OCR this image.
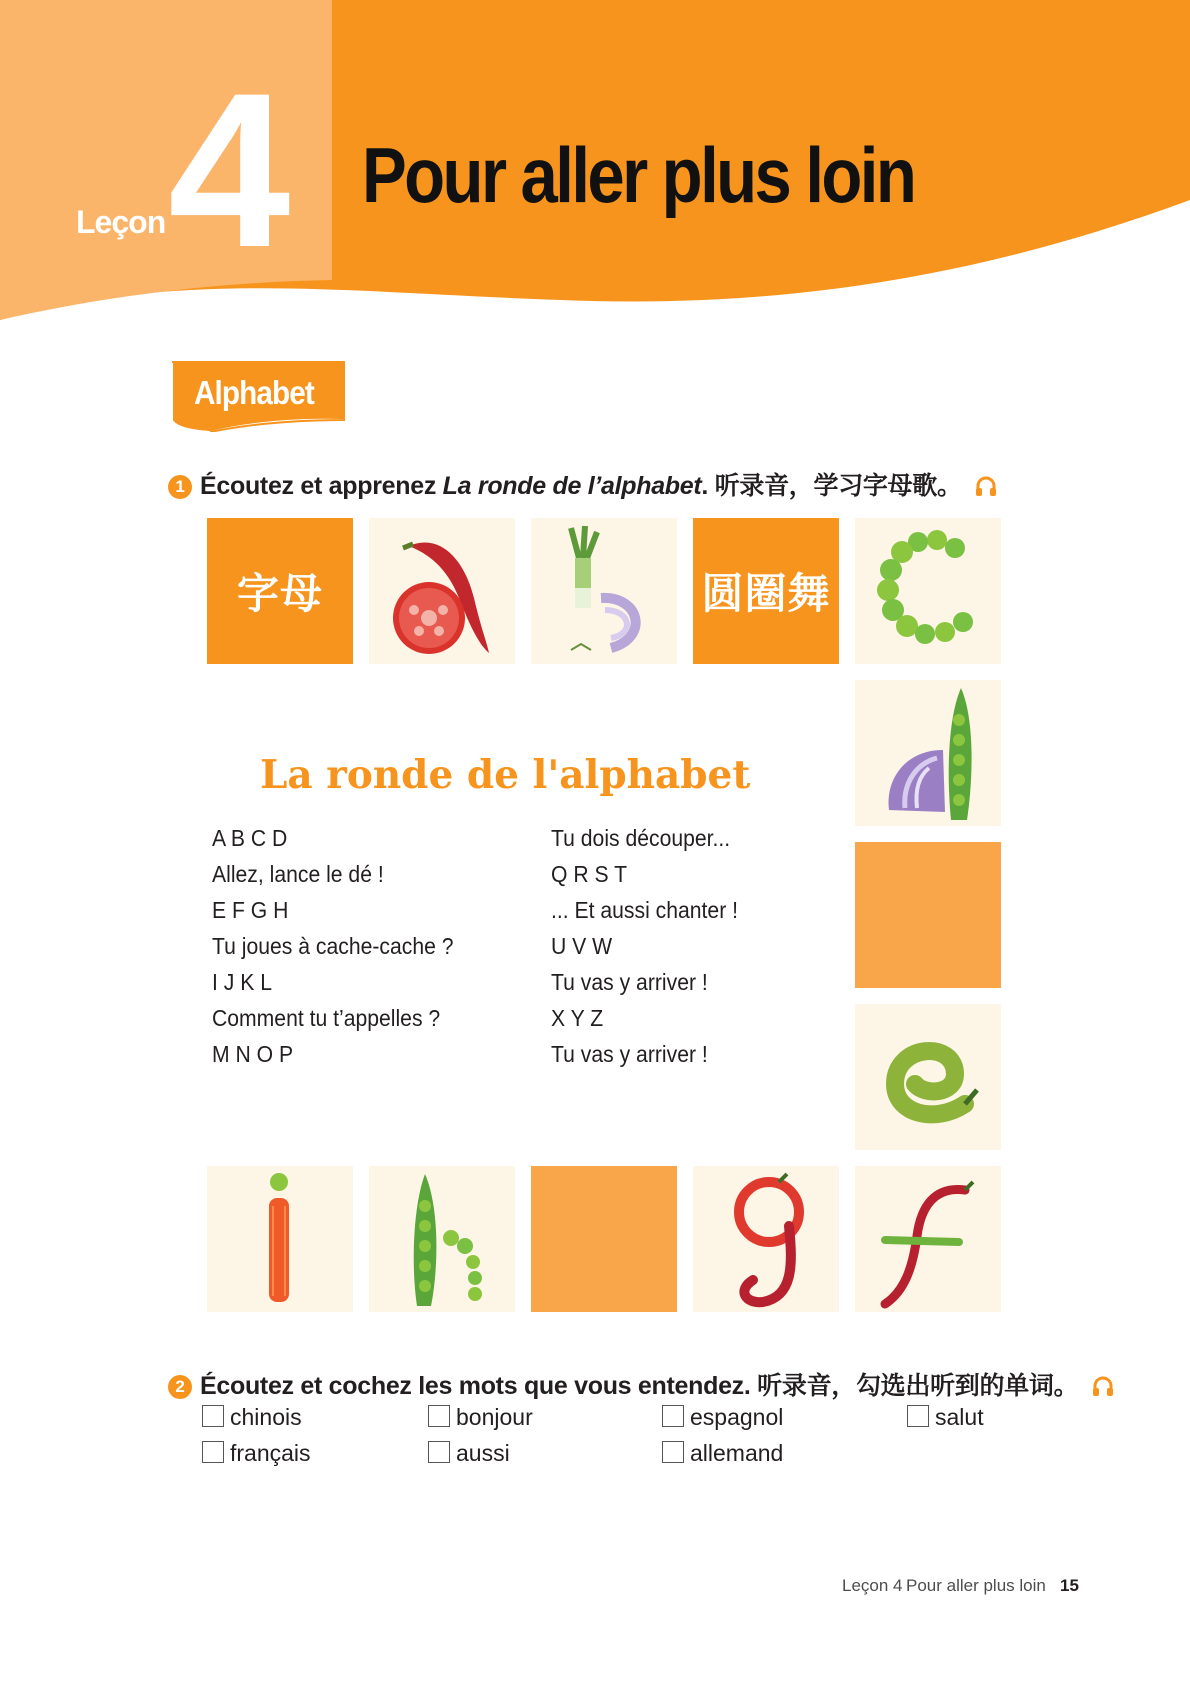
Leçon 4 Pour aller plus loin
Alphabet
1 Écoutez et apprenez La ronde de l’alphabet. 听录音，学习字母歌。
字母	圆圈舞
La ronde de l'alphabet
A B C D
Allez, lance le dé !
E F G H
Tu joues à cache-cache ?
I J K L
Comment tu t’appelles ?
M N O P
Tu dois découper...
Q R S T
... Et aussi chanter !
U V W
Tu vas y arriver !
X Y Z
Tu vas y arriver !
2 Écoutez et cochez les mots que vous entendez. 听录音，勾选出听到的单词。
chinois	bonjour	espagnol	salut
français	aussi	allemand
Leçon 4 Pour aller plus loin 15
